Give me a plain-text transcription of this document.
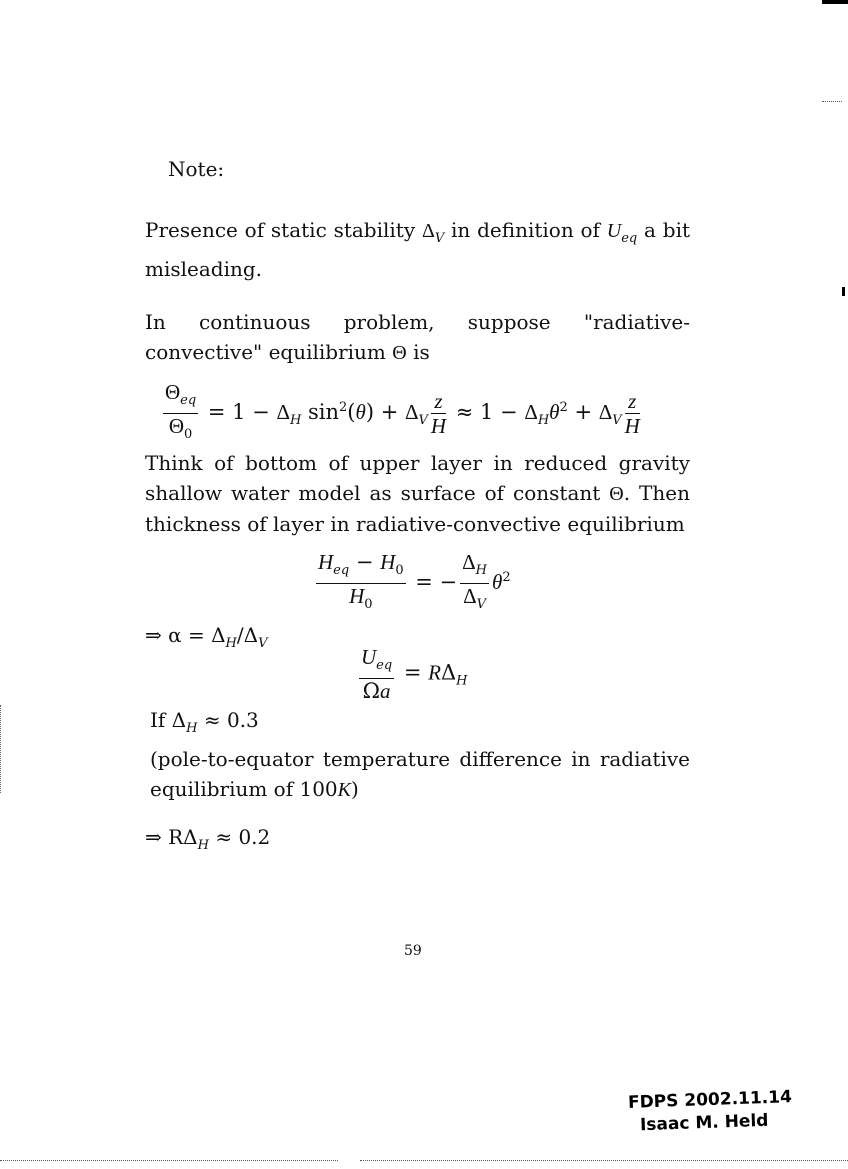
Note:
Presence of static stability $\Delta_V$ in definition of $U_{eq}$ a bit misleading.
In continuous problem, suppose "radiative-convective" equilibrium Θ is
$\frac{\Theta_{eq}}{\Theta_0} = 1 - \Delta_H$ $\sin^2(\theta) + \Delta_V \frac{z}{H} \approx 1 - \Delta_H\theta^2 + \Delta_V \frac{z}{H}$
Think of bottom of upper layer in reduced gravity shallow water model as surface of constant Θ. Then thickness of layer in radiative-convective equilibrium
$\frac{H_{eq} - H_0}{H_0}$ = − $\frac{\Delta_H}{\Delta_V} \theta^2$
⇒ $\alpha = \Delta_H/\Delta_V$
$\frac{U_{eq}}{\Omega a} = R\Delta_H$
If $\Delta_H \approx 0.3$
(pole-to-equator temperature difference in radiative equilibrium of 100K)
⇒ $R\Delta_H \approx 0.2$
59
FDPS 2002.11.14
Isaac M. Held
